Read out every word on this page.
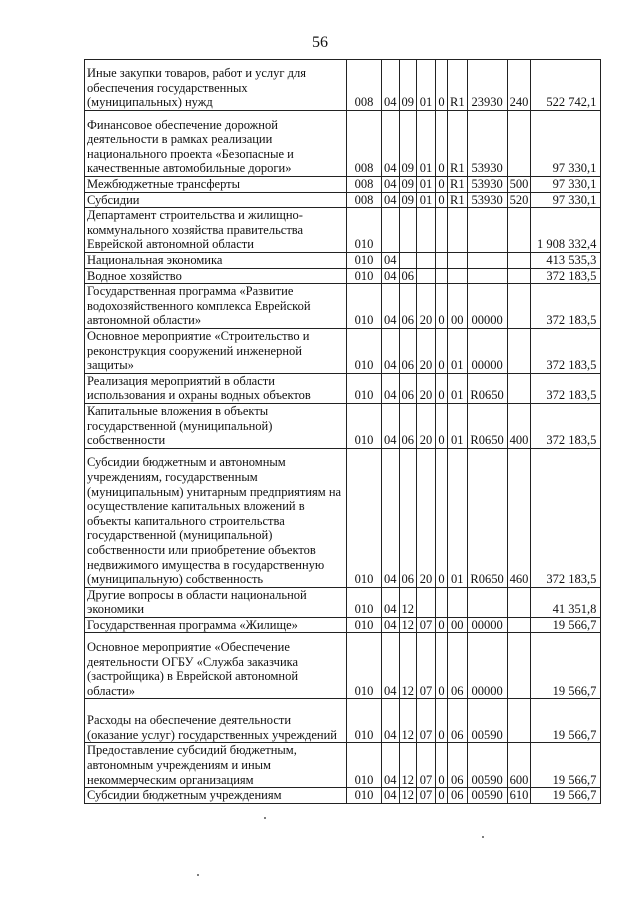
56
Иные закупки товаров, работ и услуг для обеспечения государственных (муниципальных) нужд	008	04	09	01	0	R1	23930	240	522 742,1
Финансовое обеспечение дорожной деятельности в рамках реализации национального проекта «Безопасные и качественные автомобильные дороги»	008	04	09	01	0	R1	53930		97 330,1
Межбюджетные трансферты	008	04	09	01	0	R1	53930	500	97 330,1
Субсидии	008	04	09	01	0	R1	53930	520	97 330,1
Департамент строительства и жилищно-коммунального хозяйства правительства Еврейской автономной области	010								1 908 332,4
Национальная экономика	010	04							413 535,3
Водное хозяйство	010	04	06						372 183,5
Государственная программа «Развитие водохозяйственного комплекса Еврейской автономной области»	010	04	06	20	0	00	00000		372 183,5
Основное мероприятие «Строительство и реконструкция сооружений инженерной защиты»	010	04	06	20	0	01	00000		372 183,5
Реализация мероприятий в области использования и охраны водных объектов	010	04	06	20	0	01	R0650		372 183,5
Капитальные вложения в объекты государственной (муниципальной) собственности	010	04	06	20	0	01	R0650	400	372 183,5
Субсидии бюджетным и автономным учреждениям, государственным (муниципальным) унитарным предприятиям на осуществление капитальных вложений в объекты капитального строительства государственной (муниципальной) собственности или приобретение объектов недвижимого имущества в государственную (муниципальную) собственность	010	04	06	20	0	01	R0650	460	372 183,5
Другие вопросы в области национальной экономики	010	04	12						41 351,8
Государственная программа «Жилище»	010	04	12	07	0	00	00000		19 566,7
Основное мероприятие «Обеспечение деятельности ОГБУ «Служба заказчика (застройщика) в Еврейской автономной области»	010	04	12	07	0	06	00000		19 566,7
Расходы на обеспечение деятельности (оказание услуг) государственных учреждений	010	04	12	07	0	06	00590		19 566,7
Предоставление субсидий бюджетным, автономным учреждениям и иным некоммерческим организациям	010	04	12	07	0	06	00590	600	19 566,7
Субсидии бюджетным учреждениям	010	04	12	07	0	06	00590	610	19 566,7
